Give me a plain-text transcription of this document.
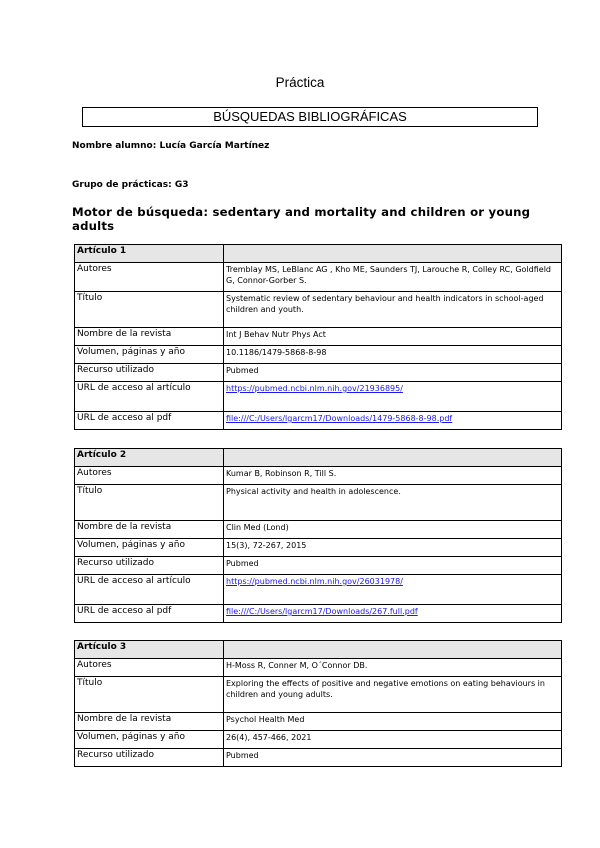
Práctica
BÚSQUEDAS BIBLIOGRÁFICAS
Nombre alumno: Lucía García Martínez
Grupo de prácticas: G3
Motor de búsqueda: sedentary and mortality and children or young adults
Artículo 1	
Autores	Tremblay MS, LeBlanc AG , Kho ME, Saunders TJ, Larouche R, Colley RC, Goldfield G, Connor-Gorber S.
Título	Systematic review of sedentary behaviour and health indicators in school-aged children and youth.
Nombre de la revista	Int J Behav Nutr Phys Act
Volumen, páginas y año	10.1186/1479-5868-8-98
Recurso utilizado	Pubmed
URL de acceso al artículo	https://pubmed.ncbi.nlm.nih.gov/21936895/
URL de acceso al pdf	file:///C:/Users/lgarcm17/Downloads/1479-5868-8-98.pdf
Artículo 2	
Autores	Kumar B, Robinson R, Till S.
Título	Physical activity and health in adolescence.
Nombre de la revista	Clin Med (Lond)
Volumen, páginas y año	15(3), 72-267, 2015
Recurso utilizado	Pubmed
URL de acceso al artículo	https://pubmed.ncbi.nlm.nih.gov/26031978/
URL de acceso al pdf	file:///C:/Users/lgarcm17/Downloads/267.full.pdf
Artículo 3	
Autores	H-Moss R, Conner M, O´Connor DB.
Título	Exploring the effects of positive and negative emotions on eating behaviours in children and young adults.
Nombre de la revista	Psychol Health Med
Volumen, páginas y año	26(4), 457-466, 2021
Recurso utilizado	Pubmed
